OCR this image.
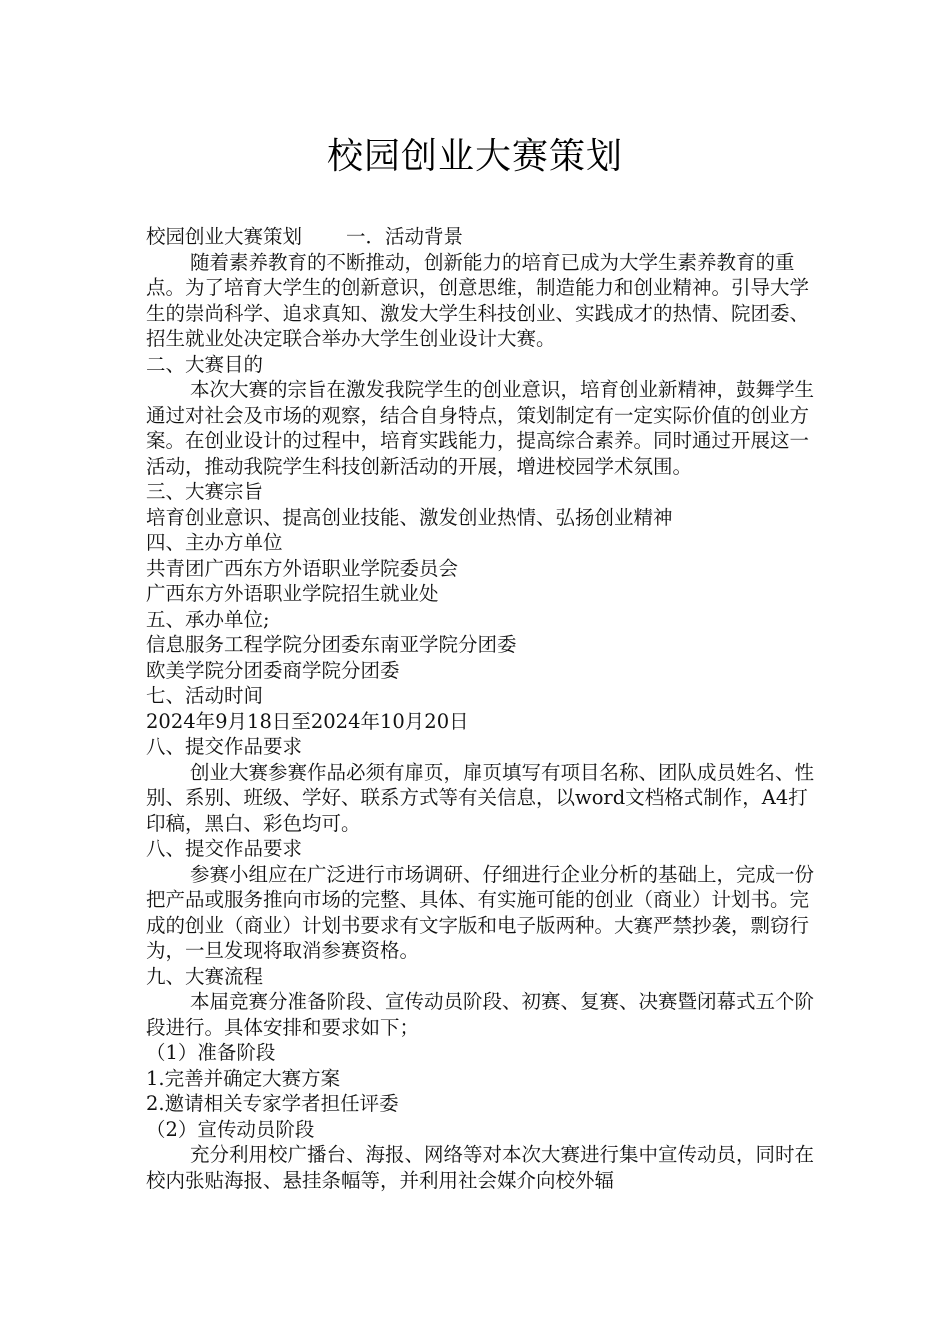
校园创业大赛策划

校园创业大赛策划 一．活动背景

随着素养教育的不断推动，创新能力的培育已成为大学生素养教育的重点。为了培育大学生的创新意识，创意思维，制造能力和创业精神。引导大学生的崇尚科学、追求真知、激发大学生科技创业、实践成才的热情、院团委、招生就业处决定联合举办大学生创业设计大赛。

二、大赛目的

本次大赛的宗旨在激发我院学生的创业意识，培育创业新精神，鼓舞学生通过对社会及市场的观察，结合自身特点，策划制定有一定实际价值的创业方案。在创业设计的过程中，培育实践能力，提高综合素养。同时通过开展这一活动，推动我院学生科技创新活动的开展，增进校园学术氛围。

三、大赛宗旨

培育创业意识、提高创业技能、激发创业热情、弘扬创业精神

四、主办方单位

共青团广西东方外语职业学院委员会

广西东方外语职业学院招生就业处

五、承办单位;

信息服务工程学院分团委东南亚学院分团委

欧美学院分团委商学院分团委

七、活动时间

2024年9月18日至2024年10月20日

八、提交作品要求

创业大赛参赛作品必须有扉页，扉页填写有项目名称、团队成员姓名、性别、系别、班级、学好、联系方式等有关信息，以word文档格式制作，A4打印稿，黑白、彩色均可。

八、提交作品要求

参赛小组应在广泛进行市场调研、仔细进行企业分析的基础上，完成一份把产品或服务推向市场的完整、具体、有实施可能的创业（商业）计划书。完成的创业（商业）计划书要求有文字版和电子版两种。大赛严禁抄袭，剽窃行为，一旦发现将取消参赛资格。

九、大赛流程

本届竞赛分准备阶段、宣传动员阶段、初赛、复赛、决赛暨闭幕式五个阶段进行。具体安排和要求如下；

（1）准备阶段

1.完善并确定大赛方案

2.邀请相关专家学者担任评委

（2）宣传动员阶段

充分利用校广播台、海报、网络等对本次大赛进行集中宣传动员，同时在校内张贴海报、悬挂条幅等，并利用社会媒介向校外辐
